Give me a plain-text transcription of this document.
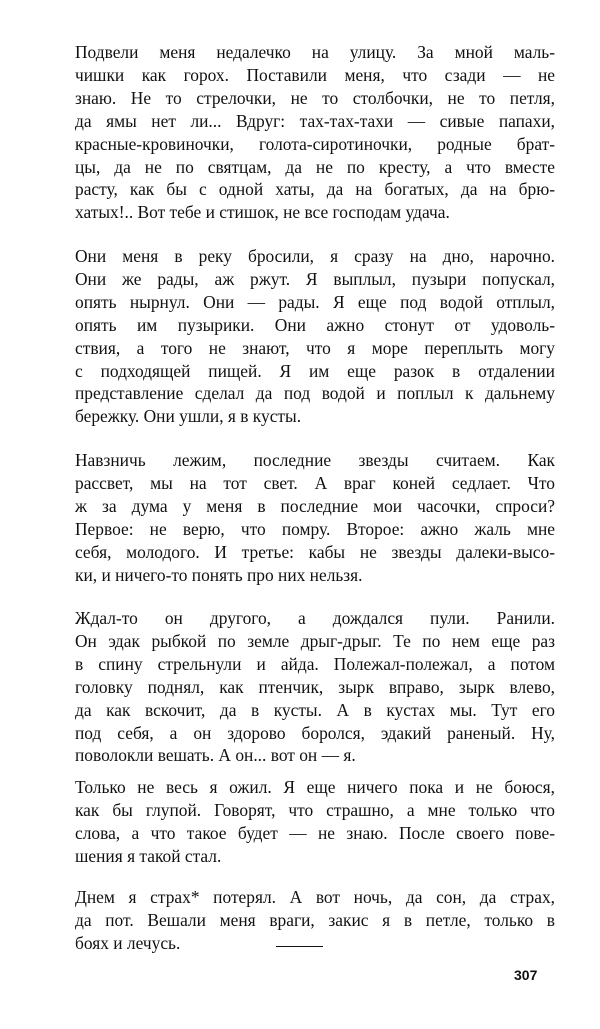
Подвели меня недалечко на улицу. За мной маль-
чишки как горох. Поставили меня, что сзади — не
знаю. Не то стрелочки, не то столбочки, не то петля,
да ямы нет ли... Вдруг: тах-тах-тахи — сивые папахи,
красные-кровиночки, голота-сиротиночки, родные брат-
цы, да не по святцам, да не по кресту, а что вместе
расту, как бы с одной хаты, да на богатых, да на брю-
хатых!.. Вот тебе и стишок, не все господам удача.
Они меня в реку бросили, я сразу на дно, нарочно.
Они же рады, аж ржут. Я выплыл, пузыри попускал,
опять нырнул. Они — рады. Я еще под водой отплыл,
опять им пузырики. Они ажно стонут от удоволь-
ствия, а того не знают, что я море переплыть могу
с подходящей пищей. Я им еще разок в отдалении
представление сделал да под водой и поплыл к дальнему
бережку. Они ушли, я в кусты.
Навзничь лежим, последние звезды считаем. Как
рассвет, мы на тот свет. А враг коней седлает. Что
ж за дума у меня в последние мои часочки, спроси?
Первое: не верю, что помру. Второе: ажно жаль мне
себя, молодого. И третье: кабы не звезды далеки-высо-
ки, и ничего-то понять про них нельзя.
Ждал-то он другого, а дождался пули. Ранили.
Он эдак рыбкой по земле дрыг-дрыг. Те по нем еще раз
в спину стрельнули и айда. Полежал-полежал, а потом
головку поднял, как птенчик, зырк вправо, зырк влево,
да как вскочит, да в кусты. А в кустах мы. Тут его
под себя, а он здорово боролся, эдакий раненый. Ну,
поволокли вешать. А он... вот он — я.
Только не весь я ожил. Я еще ничего пока и не боюся,
как бы глупой. Говорят, что страшно, а мне только что
слова, а что такое будет — не знаю. После своего пове-
шения я такой стал.
Днем я страх* потерял. А вот ночь, да сон, да страх,
да пот. Вешали меня враги, закис я в петле, только в
боях и лечусь.
307
